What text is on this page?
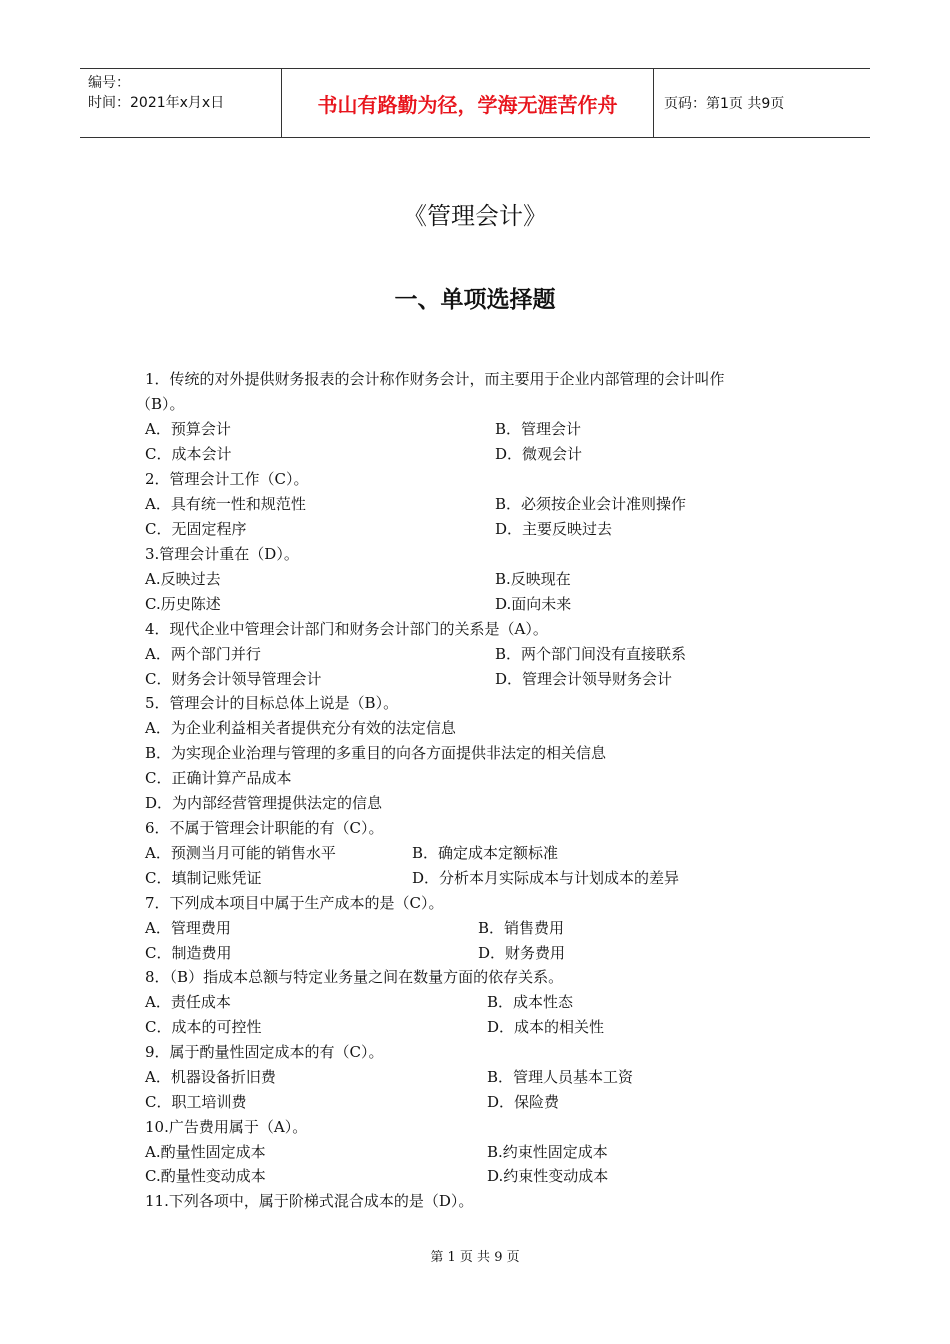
编号：
时间：2021年x月x日	书山有路勤为径，学海无涯苦作舟	页码：第1页 共9页
《管理会计》
一、单项选择题
1．传统的对外提供财务报表的会计称作财务会计，而主要用于企业内部管理的会计叫作
（B）。
A．预算会计	B．管理会计
C．成本会计	D．微观会计
2．管理会计工作（C）。
A．具有统一性和规范性	B．必须按企业会计准则操作
C．无固定程序	D．主要反映过去
3.管理会计重在（D）。
A.反映过去	B.反映现在
C.历史陈述	D.面向未来
4．现代企业中管理会计部门和财务会计部门的关系是（A）。
A．两个部门并行	B．两个部门间没有直接联系
C．财务会计领导管理会计	D．管理会计领导财务会计
5．管理会计的目标总体上说是（B）。
A．为企业利益相关者提供充分有效的法定信息
B．为实现企业治理与管理的多重目的向各方面提供非法定的相关信息
C．正确计算产品成本
D．为内部经营管理提供法定的信息
6．不属于管理会计职能的有（C）。
A．预测当月可能的销售水平	B．确定成本定额标准
C．填制记账凭证	D．分析本月实际成本与计划成本的差异
7．下列成本项目中属于生产成本的是（C）。
A．管理费用	B．销售费用
C．制造费用	D．财务费用
8．（B）指成本总额与特定业务量之间在数量方面的依存关系。
A．责任成本	B．成本性态
C．成本的可控性	D．成本的相关性
9．属于酌量性固定成本的有（C）。
A．机器设备折旧费	B．管理人员基本工资
C．职工培训费	D．保险费
10.广告费用属于（A）。
A.酌量性固定成本	B.约束性固定成本
C.酌量性变动成本	D.约束性变动成本
11.下列各项中，属于阶梯式混合成本的是（D）。
第 1 页 共 9 页
